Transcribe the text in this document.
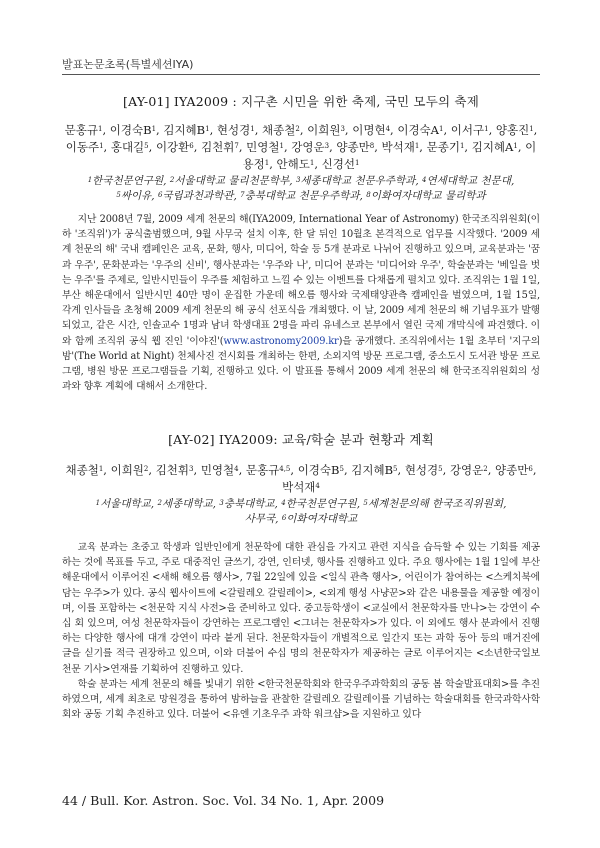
발표논문초록(특별세션IYA)

[AY-01] IYA2009 : 지구촌 시민을 위한 축제, 국민 모두의 축제

문홍규$^1$, 이경숙$B^1$, 김지혜$B^1$, 현성경$^1$, 채종철$^2$, 이희원$^3$, 이명현$^4$, 이경숙$A^1$, 이서구$^1$, 양홍진$^1$, 이동주$^1$, 홍대길$^5$, 이강환$^6$, 김천휘$^7$, 민영철$^1$, 강영운$^3$, 양종만$^8$, 박석재$^1$, 문종기$^1$, 김지혜$A^1$, 이용정$^1$, 안해도$^1$, 신경선$^1$

$^1$한국천문연구원, $^2$서울대학교 물리천문학부, $^3$세종대학교 천문우주학과, $^4$연세대학교 천문대,
$^5$싸이유, $^6$국립과천과학관, $^7$충북대학교 천문우주학과, $^8$이화여자대학교 물리학과

지난 2008년 7월, 2009 세계 천문의 해(IYA2009, International Year of Astronomy) 한국조직위원회(이하 '조직위')가 공식출범했으며, 9월 사무국 설치 이후, 한 달 뒤인 10월초 본격적으로 업무를 시작했다. '2009 세계 천문의 해' 국내 캠페인은 교육, 문화, 행사, 미디어, 학술 등 5개 분과로 나뉘어 진행하고 있으며, 교육분과는 '꿈과 우주', 문화분과는 '우주의 신비', 행사분과는 '우주와 나', 미디어 분과는 '미디어와 우주', 학술분과는 '베일을 벗는 우주'를 주제로, 일반시민들이 우주를 체험하고 느낄 수 있는 이벤트를 다채롭게 펼치고 있다. 조직위는 1월 1일, 부산 해운대에서 일반시민 40만 명이 운집한 가운데 해오름 행사와 국제태양관측 캠페인을 벌였으며, 1월 15일, 각계 인사들을 초청해 2009 세계 천문의 해 공식 선포식을 개최했다. 이 날, 2009 세계 천문의 해 기념우표가 발행되었고, 같은 시간, 인솔교수 1명과 남녀 학생대표 2명을 파리 유네스코 본부에서 열린 국제 개막식에 파견했다. 이와 함께 조직위 공식 웹 진인 '이야진'(www.astronomy2009.kr)을 공개했다. 조직위에서는 1월 초부터 '지구의 밤'(The World at Night) 천체사진 전시회를 개최하는 한편, 소외지역 방문 프로그램, 중소도시 도서관 방문 프로그램, 병원 방문 프로그램들을 기획, 진행하고 있다. 이 발표를 통해서 2009 세계 천문의 해 한국조직위원회의 성과와 향후 계획에 대해서 소개한다.

[AY-02] IYA2009: 교육/학술 분과 현황과 계획

채종철$^1$, 이희원$^2$, 김천휘$^3$, 민영철$^4$, 문홍규$^{4,5}$, 이경숙$B^5$, 김지혜$B^5$, 현성경$^5$, 강영운$^2$, 양종만$^6$, 박석재$^4$

$^1$서울대학교, $^2$세종대학교, $^3$충북대학교, $^4$한국천문연구원, $^5$세계천문의해 한국조직위원회,
사무국, $^6$이화여자대학교

교육 분과는 초중고 학생과 일반인에게 천문학에 대한 관심을 가지고 관련 지식을 습득할 수 있는 기회를 제공하는 것에 목표를 두고, 주로 대중적인 글쓰기, 강연, 인터넷, 행사를 진행하고 있다. 주요 행사에는 1월 1일에 부산 해운대에서 이루어진 <새해 해오름 행사>, 7월 22일에 있을 <일식 관측 행사>, 어린이가 참여하는 <스케치북에 담는 우주>가 있다. 공식 웹사이트에 <갈릴레오 갈릴레이>, <외계 행성 사냥꾼>와 같은 내용물을 제공할 예정이며, 이를 포함하는 <천문학 지식 사전>을 준비하고 있다. 중고등학생이 <교실에서 천문학자를 만나>는 강연이 수십 회 있으며, 여성 천문학자들이 강연하는 프로그램인 <그녀는 천문학자>가 있다. 이 외에도 행사 분과에서 진행하는 다양한 행사에 대개 강연이 따라 붙게 된다. 천문학자들이 개별적으로 일간지 또는 과학 동아 등의 매거진에 글을 싣기를 적극 권장하고 있으며, 이와 더불어 수십 명의 천문학자가 제공하는 글로 이루어지는 <소년한국일보 천문 기사>연재를 기획하여 진행하고 있다.

학술 분과는 세계 천문의 해를 빛내기 위한 <한국천문학회와 한국우주과학회의 공동 봄 학술발표대회>를 추진하였으며, 세계 최초로 망원경을 통하여 밤하늘을 관찰한 갈릴레오 갈릴레이를 기념하는 학술대회를 한국과학사학회와 공동 기획 추진하고 있다. 더불어 <유엔 기초우주 과학 워크샵>을 지원하고 있다

44 / Bull. Kor. Astron. Soc. Vol. 34 No. 1, Apr. 2009
